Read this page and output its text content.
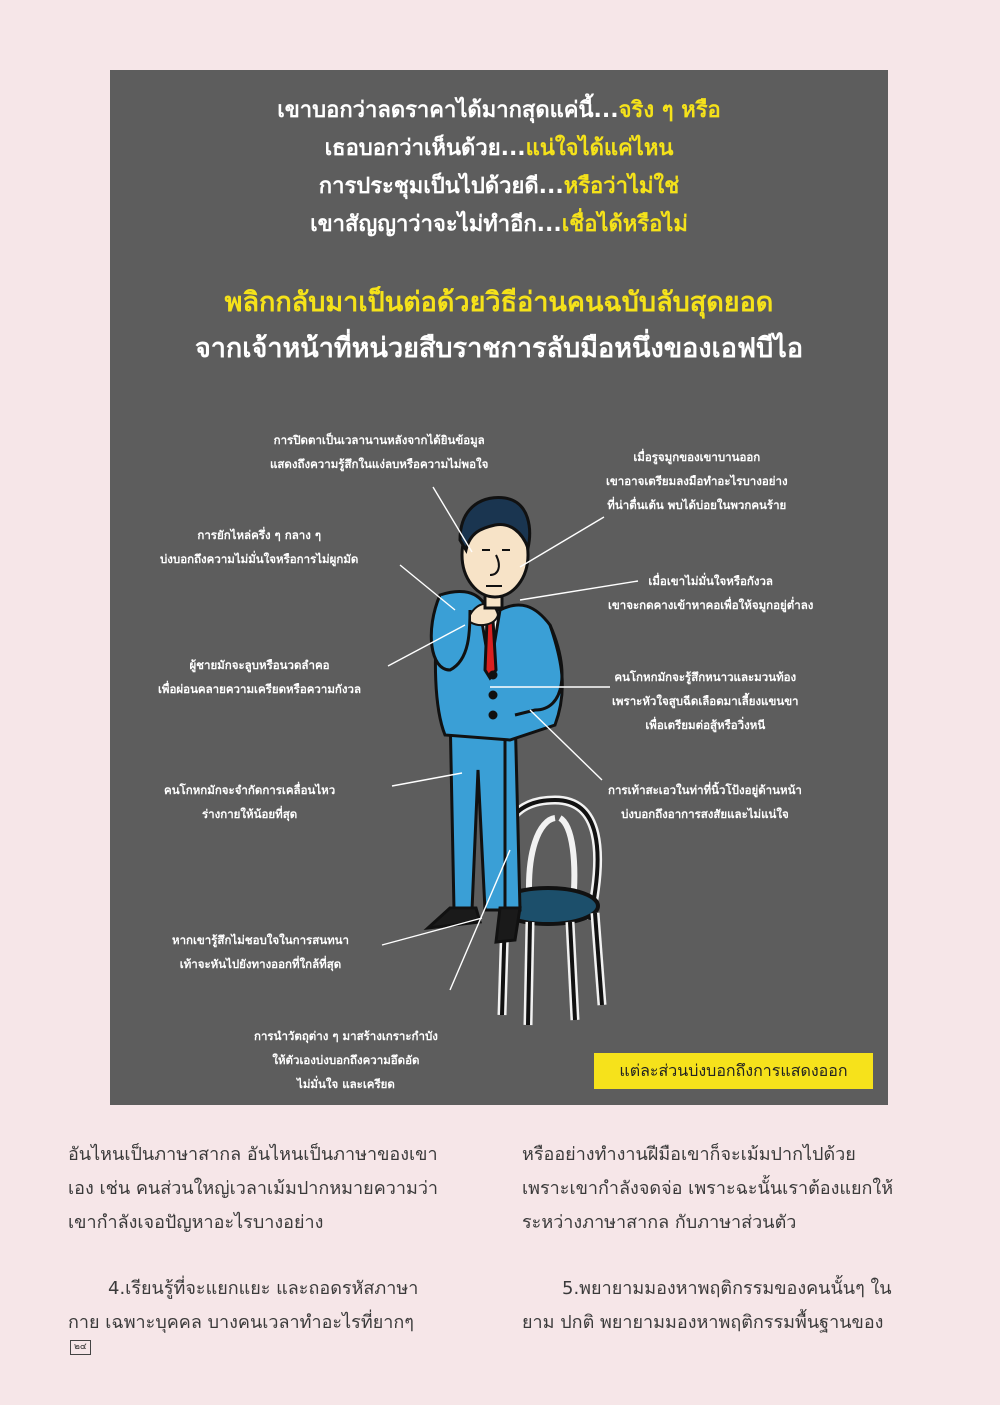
เขาบอกว่าลดราคาได้มากสุดแค่นี้...จริง ๆ หรือ
เธอบอกว่าเห็นด้วย...แน่ใจได้แค่ไหน
การประชุมเป็นไปด้วยดี...หรือว่าไม่ใช่
เขาสัญญาว่าจะไม่ทำอีก...เชื่อได้หรือไม่
พลิกกลับมาเป็นต่อด้วยวิธีอ่านคนฉบับลับสุดยอด
จากเจ้าหน้าที่หน่วยสืบราชการลับมือหนึ่งของเอฟบีไอ
การปิดตาเป็นเวลานานหลังจากได้ยินข้อมูล
แสดงถึงความรู้สึกในแง่ลบหรือความไม่พอใจ	เมื่อรูจมูกของเขาบานออก
เขาอาจเตรียมลงมือทำอะไรบางอย่าง
ที่น่าตื่นเต้น พบได้บ่อยในพวกคนร้าย
การยักไหล่ครึ่ง ๆ กลาง ๆ
บ่งบอกถึงความไม่มั่นใจหรือการไม่ผูกมัด
เมื่อเขาไม่มั่นใจหรือกังวล
เขาจะกดคางเข้าหาคอเพื่อให้จมูกอยู่ต่ำลง
ผู้ชายมักจะลูบหรือนวดลำคอ
เพื่อผ่อนคลายความเครียดหรือความกังวล
คนโกหกมักจะรู้สึกหนาวและมวนท้อง
เพราะหัวใจสูบฉีดเลือดมาเลี้ยงแขนขา
เพื่อเตรียมต่อสู้หรือวิ่งหนี
คนโกหกมักจะจำกัดการเคลื่อนไหว
ร่างกายให้น้อยที่สุด
การเท้าสะเอวในท่าที่นิ้วโป้งอยู่ด้านหน้า
บ่งบอกถึงอาการสงสัยและไม่แน่ใจ
หากเขารู้สึกไม่ชอบใจในการสนทนา
เท้าจะหันไปยังทางออกที่ใกล้ที่สุด
การนำวัตถุต่าง ๆ มาสร้างเกราะกำบัง
ให้ตัวเองบ่งบอกถึงความอึดอัด
ไม่มั่นใจ และเครียด
แต่ละส่วนบ่งบอกถึงการแสดงออก

อันไหนเป็นภาษาสากล อันไหนเป็นภาษาของเขา
เอง เช่น คนส่วนใหญ่เวลาเม้มปากหมายความว่า
เขากำลังเจอปัญหาอะไรบางอย่าง

4.เรียนรู้ที่จะแยกแยะ และถอดรหัสภาษา
กาย เฉพาะบุคคล บางคนเวลาทำอะไรที่ยากๆ

หรืออย่างทำงานฝีมือเขาก็จะเม้มปากไปด้วย
เพราะเขากำลังจดจ่อ เพราะฉะนั้นเราต้องแยกให้
ระหว่างภาษาสากล กับภาษาส่วนตัว

5.พยายามมองหาพฤติกรรมของคนนั้นๆ ใน
ยาม ปกติ พยายามมองหาพฤติกรรมพื้นฐานของ

๒๔
